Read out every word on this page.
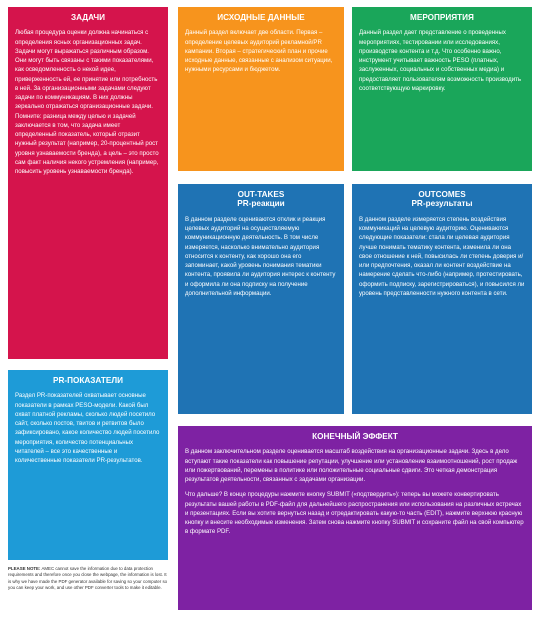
ЗАДАЧИ

Любая процедура оценки должна начинаться с определения ясных организационных задач. Задачи могут выражаться различным образом. Они могут быть связаны с такими показателями, как осведомленность о некой идее, приверженность ей, ее принятие или потребность в ней. За организационными задачами следуют задачи по коммуникациям. В них должны зеркально отражаться организационные задачи. Помните: разница между целью и задачей заключается в том, что задача имеет определенный показатель, который отразит нужный результат (например, 20-процентный рост уровня узнаваемости бренда), а цель – это просто сам факт наличия некого устремления (например, повысить уровень узнаваемости бренда).

ИСХОДНЫЕ ДАННЫЕ

Данный раздел включает две области. Первая – определение целевых аудиторий рекламной/PR кампании. Вторая – стратегический план и прочие исходные данные, связанные с анализом ситуации, нужными ресурсами и бюджетом.

МЕРОПРИЯТИЯ

Данный раздел дает представление о проведенных мероприятиях, тестировании или исследованиях, производстве контента и т.д. Что особенно важно, инструмент учитывает важность PESO (платных, заслуженных, социальных и собственных медиа) и предоставляет пользователям возможность производить соответствующую маркировку.

OUT-TAKES
PR-реакции

В данном разделе оцениваются отклик и реакция целевых аудиторий на осуществляемую коммуникационную деятельность. В том числе измеряется, насколько внимательно аудитория относится к контенту, как хорошо она его запоминает, какой уровень понимания тематики контента, проявила ли аудитория интерес к контенту и оформила ли она подписку на получение дополнительной информации.

OUTCOMES
PR-результаты

В данном разделе измеряется степень воздействия коммуникаций на целевую аудиторию. Оцениваются следующие показатели: стала ли целевая аудитория лучше понимать тематику контента, изменила ли она свое отношение к ней, повысилась ли степень доверия и/или предпочтения, оказал ли контент воздействие на намерение сделать что-либо (например, протестировать, оформить подписку, зарегистрироваться), и повысился ли уровень представленности нужного контента в сети.

PR-ПОКАЗАТЕЛИ

Раздел PR-показателей охватывает основные показатели в рамках PESO-модели. Какой был охват платной рекламы, сколько людей посетило сайт, сколько постов, твитов и ретвитов было зафиксировано, какое количество людей посетило мероприятия, количество потенциальных читателей – все это качественные и количественные показатели PR-результатов.

КОНЕЧНЫЙ ЭФФЕКТ

В данном заключительном разделе оценивается масштаб воздействия на организационные задачи. Здесь в дело вступают такие показатели как повышение репутации, улучшение или установление взаимоотношений, рост продаж или пожертвований, перемены в политике или положительные социальные сдвиги. Это четкая демонстрация результатов деятельности, связанных с задачами организации.

Что дальше? В конце процедуры нажмите кнопку SUBMIT («подтвердить»): теперь вы можете конвертировать результаты вашей работы в PDF-файл для дальнейшего распространения или использования на различных встречах и презентациях. Если вы хотите вернуться назад и отредактировать какую-то часть (EDIT), нажмите верхнюю красную кнопку и внесите необходимые изменения. Затем снова нажмите кнопку SUBMIT и сохраните файл на свой компьютер в формате PDF.

PLEASE NOTE: AMEC cannot save the information due to data protection requirements and therefore once you close the webpage, the information is lost. It is why we have made the PDF generator available for saving so your computer so you can keep your work, and use other PDF converter tools to make it editable.
